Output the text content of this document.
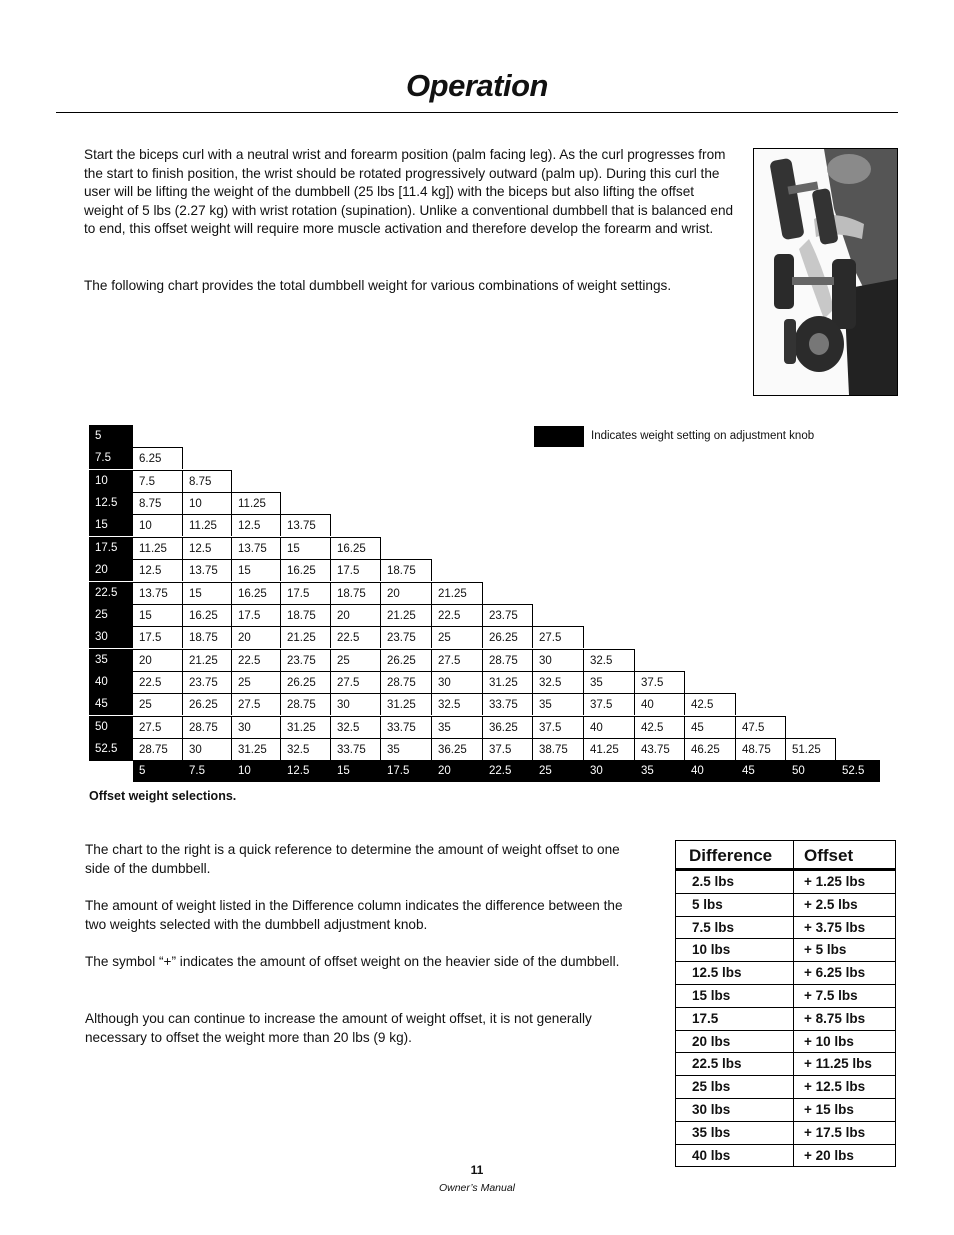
Operation

Start the biceps curl with a neutral wrist and forearm position (palm facing leg). As the curl progresses from the start to finish position, the wrist should be rotated progressively outward (palm up). During this curl the user will be lifting the weight of the dumbbell (25 lbs [11.4 kg]) with the biceps but also lifting the offset weight of 5 lbs (2.27 kg) with wrist rotation (supination). Unlike a conventional dumbbell that is balanced end to end, this offset weight will require more muscle activation and therefore develop the forearm and wrist.

The following chart provides the total dumbbell weight for various combinations of weight settings.

5
7.5	6.25
10	7.5	8.75
12.5	8.75	10	11.25
15	10	11.25	12.5	13.75
17.5	11.25	12.5	13.75	15	16.25
20	12.5	13.75	15	16.25	17.5	18.75
22.5	13.75	15	16.25	17.5	18.75	20	21.25
25	15	16.25	17.5	18.75	20	21.25	22.5	23.75
30	17.5	18.75	20	21.25	22.5	23.75	25	26.25	27.5
35	20	21.25	22.5	23.75	25	26.25	27.5	28.75	30	32.5
40	22.5	23.75	25	26.25	27.5	28.75	30	31.25	32.5	35	37.5
45	25	26.25	27.5	28.75	30	31.25	32.5	33.75	35	37.5	40	42.5
50	27.5	28.75	30	31.25	32.5	33.75	35	36.25	37.5	40	42.5	45	47.5
52.5	28.75	30	31.25	32.5	33.75	35	36.25	37.5	38.75	41.25	43.75	46.25	48.75	51.25
5	7.5	10	12.5	15	17.5	20	22.5	25	30	35	40	45	50	52.5
Indicates weight setting on adjustment knob
Offset weight selections.

The chart to the right is a quick reference to determine the amount of weight offset to one side of the dumbbell.

The amount of weight listed in the Difference column indicates the difference between the two weights selected with the dumbbell adjustment knob.

The symbol “+” indicates the amount of offset weight on the heavier side of the dumbbell.

Although you can continue to increase the amount of weight offset, it is not generally necessary to offset the weight more than 20 lbs (9 kg).

Difference	Offset
2.5 lbs	+ 1.25 lbs
5 lbs	+ 2.5 lbs
7.5 lbs	+ 3.75 lbs
10 lbs	+ 5 lbs
12.5 lbs	+ 6.25 lbs
15 lbs	+ 7.5 lbs
17.5	+ 8.75 lbs
20 lbs	+ 10 lbs
22.5 lbs	+ 11.25 lbs
25 lbs	+ 12.5 lbs
30 lbs	+ 15 lbs
35 lbs	+ 17.5 lbs
40 lbs	+ 20 lbs
11
Owner’s Manual
